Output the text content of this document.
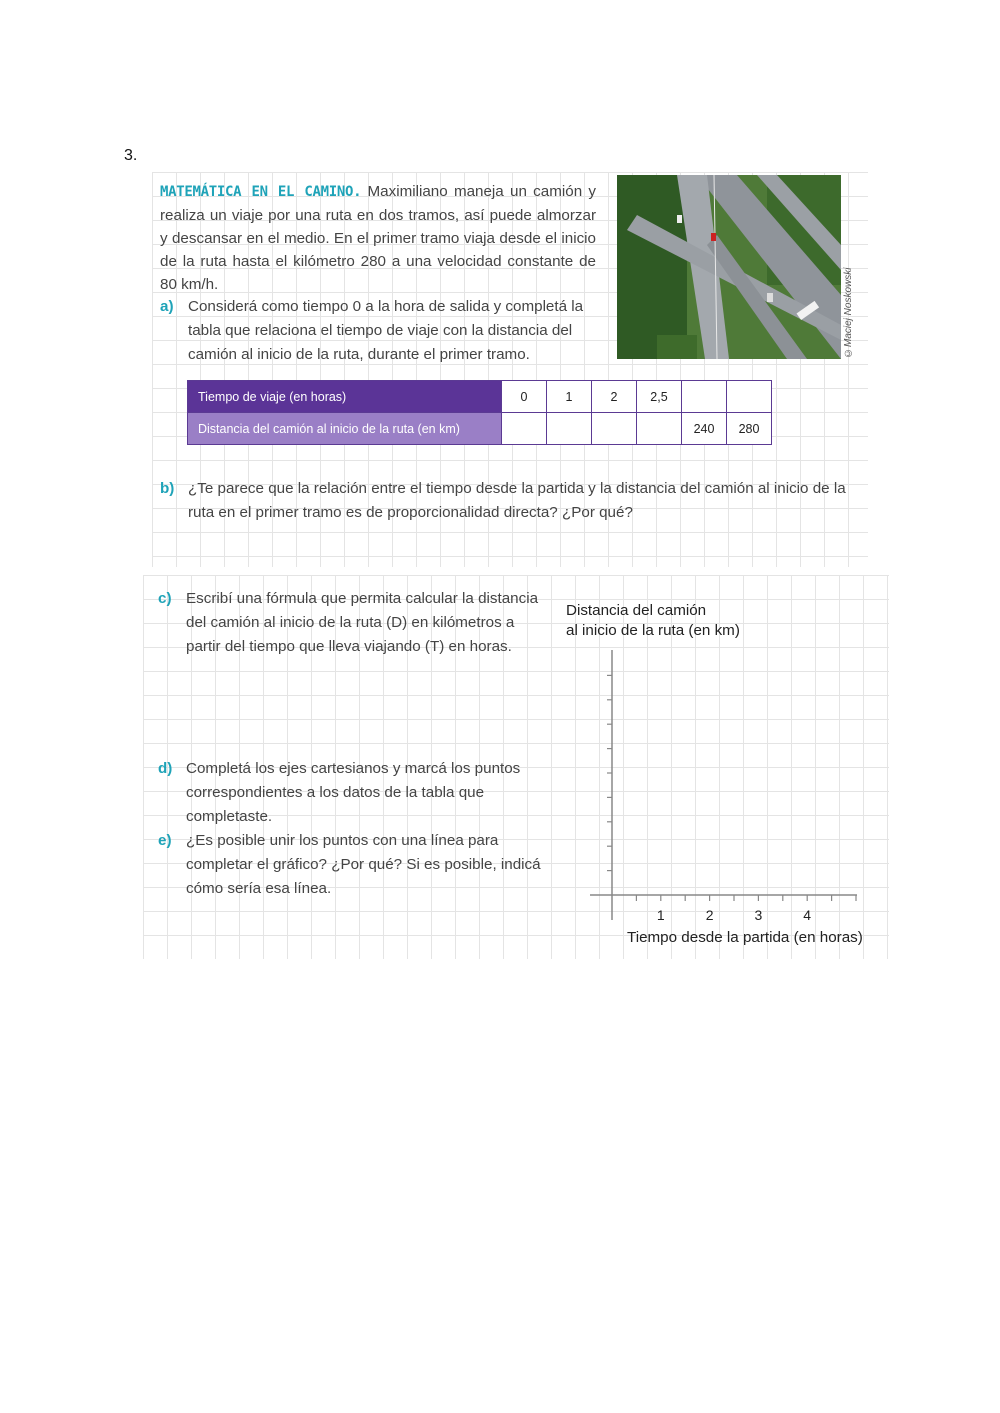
3.
MATEMÁTICA EN EL CAMINO. Maximiliano maneja un camión y realiza un viaje por una ruta en dos tramos, así puede almorzar y descansar en el medio. En el primer tramo viaja desde el inicio de la ruta hasta el kilómetro 280 a una velocidad constante de 80 km/h.	©Maciej Noskowski
a) Considerá como tiempo 0 a la hora de salida y completá la tabla que relaciona el tiempo de viaje con la distancia del camión al inicio de la ruta, durante el primer tramo.
Tiempo de viaje (en horas)	0	1	2	2,5		
Distancia del camión al inicio de la ruta (en km)					240	280
b) ¿Te parece que la relación entre el tiempo desde la partida y la distancia del camión al inicio de la ruta en el primer tramo es de proporcionalidad directa? ¿Por qué?
c) Escribí una fórmula que permita calcular la distancia del camión al inicio de la ruta (D) en kilómetros a partir del tiempo que lleva viajando (T) en horas.
d) Completá los ejes cartesianos y marcá los puntos correspondientes a los datos de la tabla que completaste.
e) ¿Es posible unir los puntos con una línea para completar el gráfico? ¿Por qué? Si es posible, indicá cómo sería esa línea.
Distancia del camión
al inicio de la ruta (en km)
1	2	3	4
Tiempo desde la partida (en horas)
